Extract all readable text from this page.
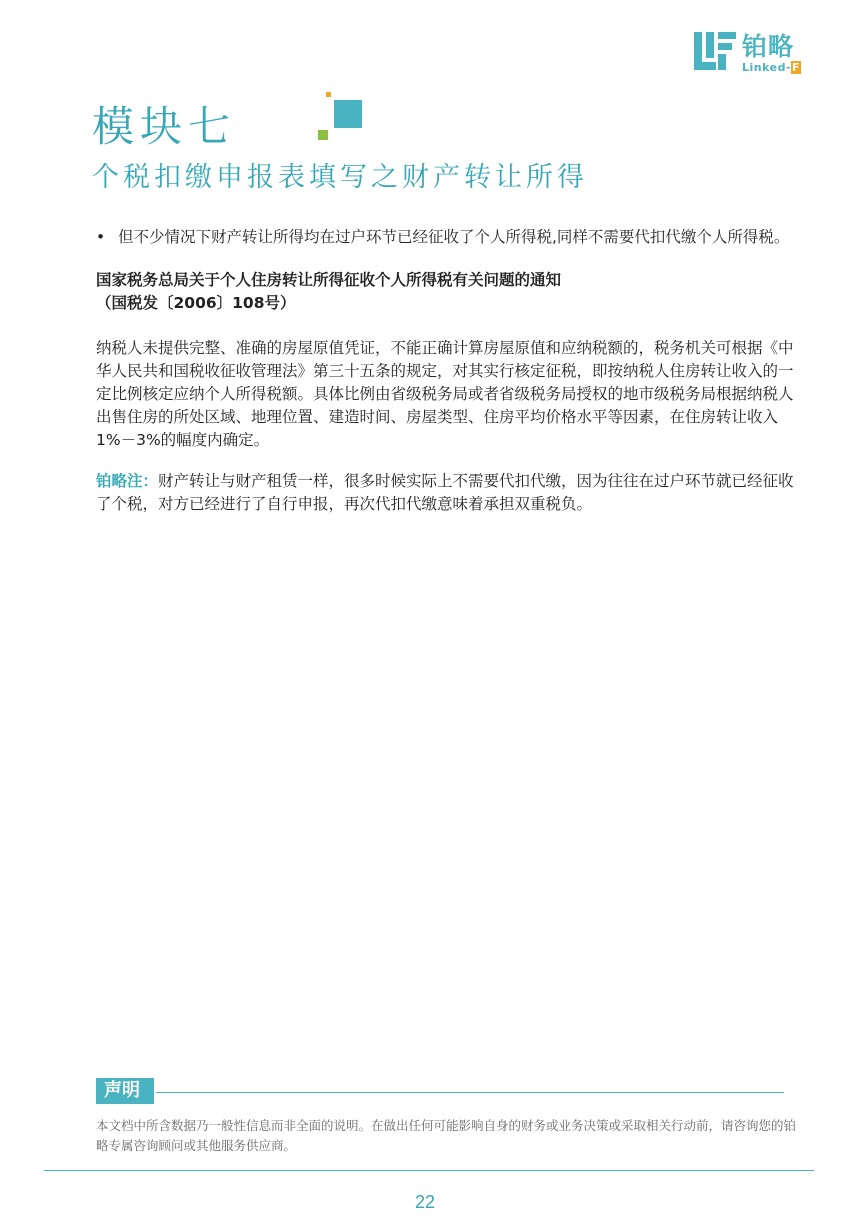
铂略
Linked-F
模块七
个税扣缴申报表填写之财产转让所得
• 但不少情况下财产转让所得均在过户环节已经征收了个人所得税,同样不需要代扣代缴个人所得税。

国家税务总局关于个人住房转让所得征收个人所得税有关问题的通知

（国税发〔2006〕108号）

纳税人未提供完整、准确的房屋原值凭证，不能正确计算房屋原值和应纳税额的，税务机关可根据《中华人民共和国税收征收管理法》第三十五条的规定，对其实行核定征税，即按纳税人住房转让收入的一定比例核定应纳个人所得税额。具体比例由省级税务局或者省级税务局授权的地市级税务局根据纳税人出售住房的所处区域、地理位置、建造时间、房屋类型、住房平均价格水平等因素，在住房转让收入1%－3%的幅度内确定。

铂略注：财产转让与财产租赁一样，很多时候实际上不需要代扣代缴，因为往往在过户环节就已经征收了个税，对方已经进行了自行申报，再次代扣代缴意味着承担双重税负。

声明
本文档中所含数据乃一般性信息而非全面的说明。在做出任何可能影响自身的财务或业务决策或采取相关行动前，请咨询您的铂略专属咨询顾问或其他服务供应商。
22
